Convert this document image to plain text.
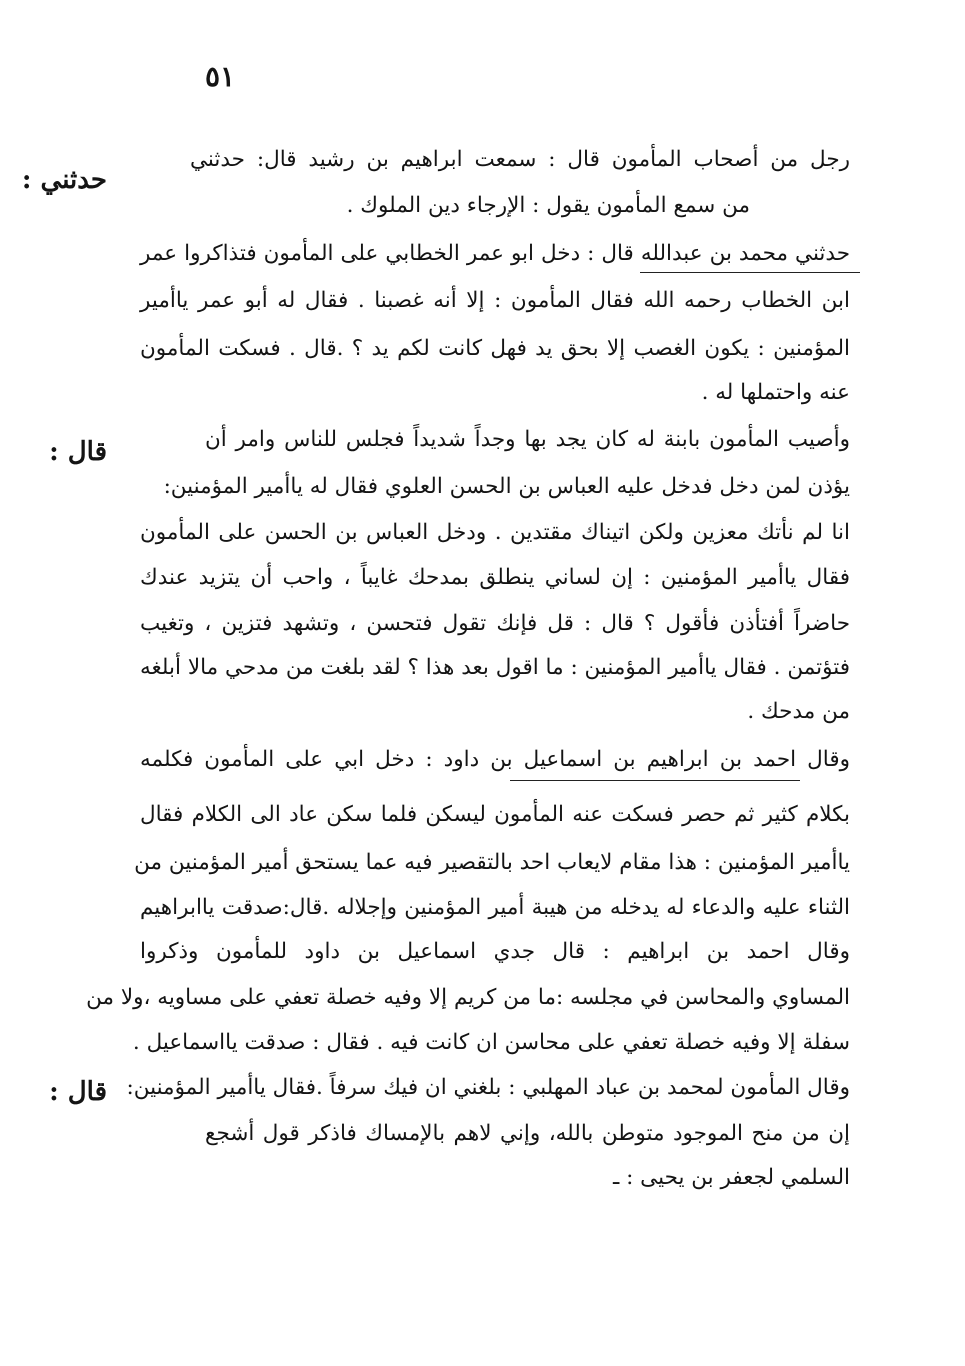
٥١
حدثني :
قال :
قال :
رجل من أصحاب المأمون قال : سمعت ابراهيم بن رشيد قال: حدثني
من سمع المأمون يقول : الإرجاء دين الملوك .
حدثني محمد بن عبدالله قال : دخل ابو عمر الخطابي على المأمون فتذاكروا عمر
ابن الخطاب رحمه الله فقال المأمون : إلا أنه غصبنا . فقال له أبو عمر ياأمير
المؤمنين : يكون الغصب إلا بحق يد فهل كانت لكم يد ؟ .قال . فسكت المأمون
عنه واحتملها له .
وأصيب المأمون بابنة له كان يجد بها وجداً شديداً فجلس للناس وامر أن
يؤذن لمن دخل فدخل عليه العباس بن الحسن العلوي فقال له ياأمير المؤمنين:
انا لم نأتك معزين ولكن اتيناك مقتدين . ودخل العباس بن الحسن على المأمون
فقال ياأمير المؤمنين : إن لساني ينطلق بمدحك غايباً ، واحب أن يتزيد عندك
حاضراً أفتأذن فأقول ؟ قال : قل فإنك تقول فتحسن ، وتشهد فتزين ، وتغيب
فتؤتمن . فقال ياأمير المؤمنين : ما اقول بعد هذا ؟ لقد بلغت من مدحي مالا أبلغه
من مدحك .
وقال احمد بن ابراهيم بن اسماعيل بن داود : دخل ابي على المأمون فكلمه
بكلام كثير ثم حصر فسكت عنه المأمون ليسكن فلما سكن عاد الى الكلام فقال
ياأمير المؤمنين : هذا مقام لايعاب احد بالتقصير فيه عما يستحق أمير المؤمنين من
الثناء عليه والدعاء له يدخله من هيبة أمير المؤمنين وإجلاله .قال:صدقت ياابراهيم
وقال احمد بن ابراهيم : قال جدي اسماعيل بن داود للمأمون وذكروا
المساوي والمحاسن في مجلسه :ما من كريم إلا وفيه خصلة تعفي على مساويه ،ولا من
سفلة إلا وفيه خصلة تعفي على محاسن ان كانت فيه . فقال : صدقت يااسماعيل .
وقال المأمون لمحمد بن عباد المهلبي : بلغني ان فيك سرفاً .فقال ياأمير المؤمنين:
إن من منح الموجود متوطن بالله، وإني لاهم بالإمساك فاذكر قول أشجع
السلمي لجعفر بن يحيى : ـ
